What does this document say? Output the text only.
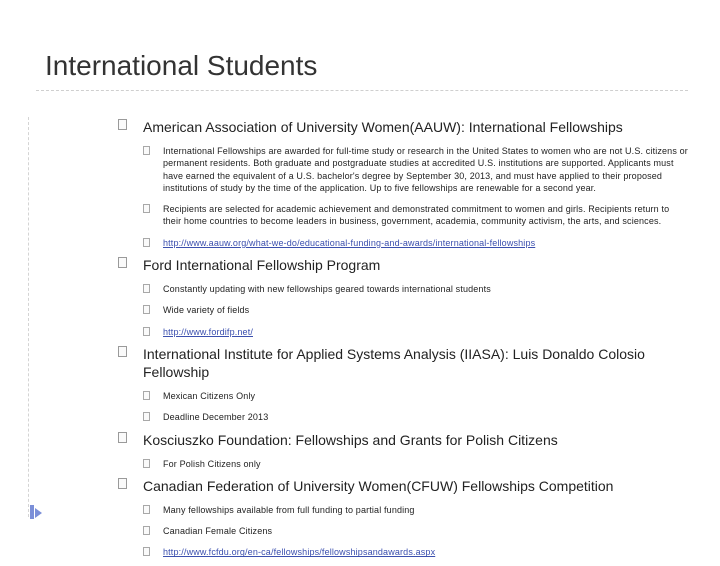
International Students
American Association of University Women(AAUW): International Fellowships
International Fellowships are awarded for full-time study or research in the United States to women who are not U.S. citizens or permanent residents. Both graduate and postgraduate studies at accredited U.S. institutions are supported. Applicants must have earned the equivalent of a U.S. bachelor's degree by September 30, 2013, and must have applied to their proposed institutions of study by the time of the application. Up to five fellowships are renewable for a second year.
Recipients are selected for academic achievement and demonstrated commitment to women and girls. Recipients return to their home countries to become leaders in business, government, academia, community activism, the arts, and sciences.
http://www.aauw.org/what-we-do/educational-funding-and-awards/international-fellowships
Ford International Fellowship Program
Constantly updating with new fellowships geared towards international students
Wide variety of fields
http://www.fordifp.net/
International Institute for Applied Systems Analysis (IIASA): Luis Donaldo Colosio Fellowship
Mexican Citizens Only
Deadline December 2013
Kosciuszko Foundation: Fellowships and Grants for Polish Citizens
For Polish Citizens only
Canadian Federation of University Women(CFUW) Fellowships Competition
Many fellowships available from full funding to partial funding
Canadian Female Citizens
http://www.fcfdu.org/en-ca/fellowships/fellowshipsandawards.aspx
